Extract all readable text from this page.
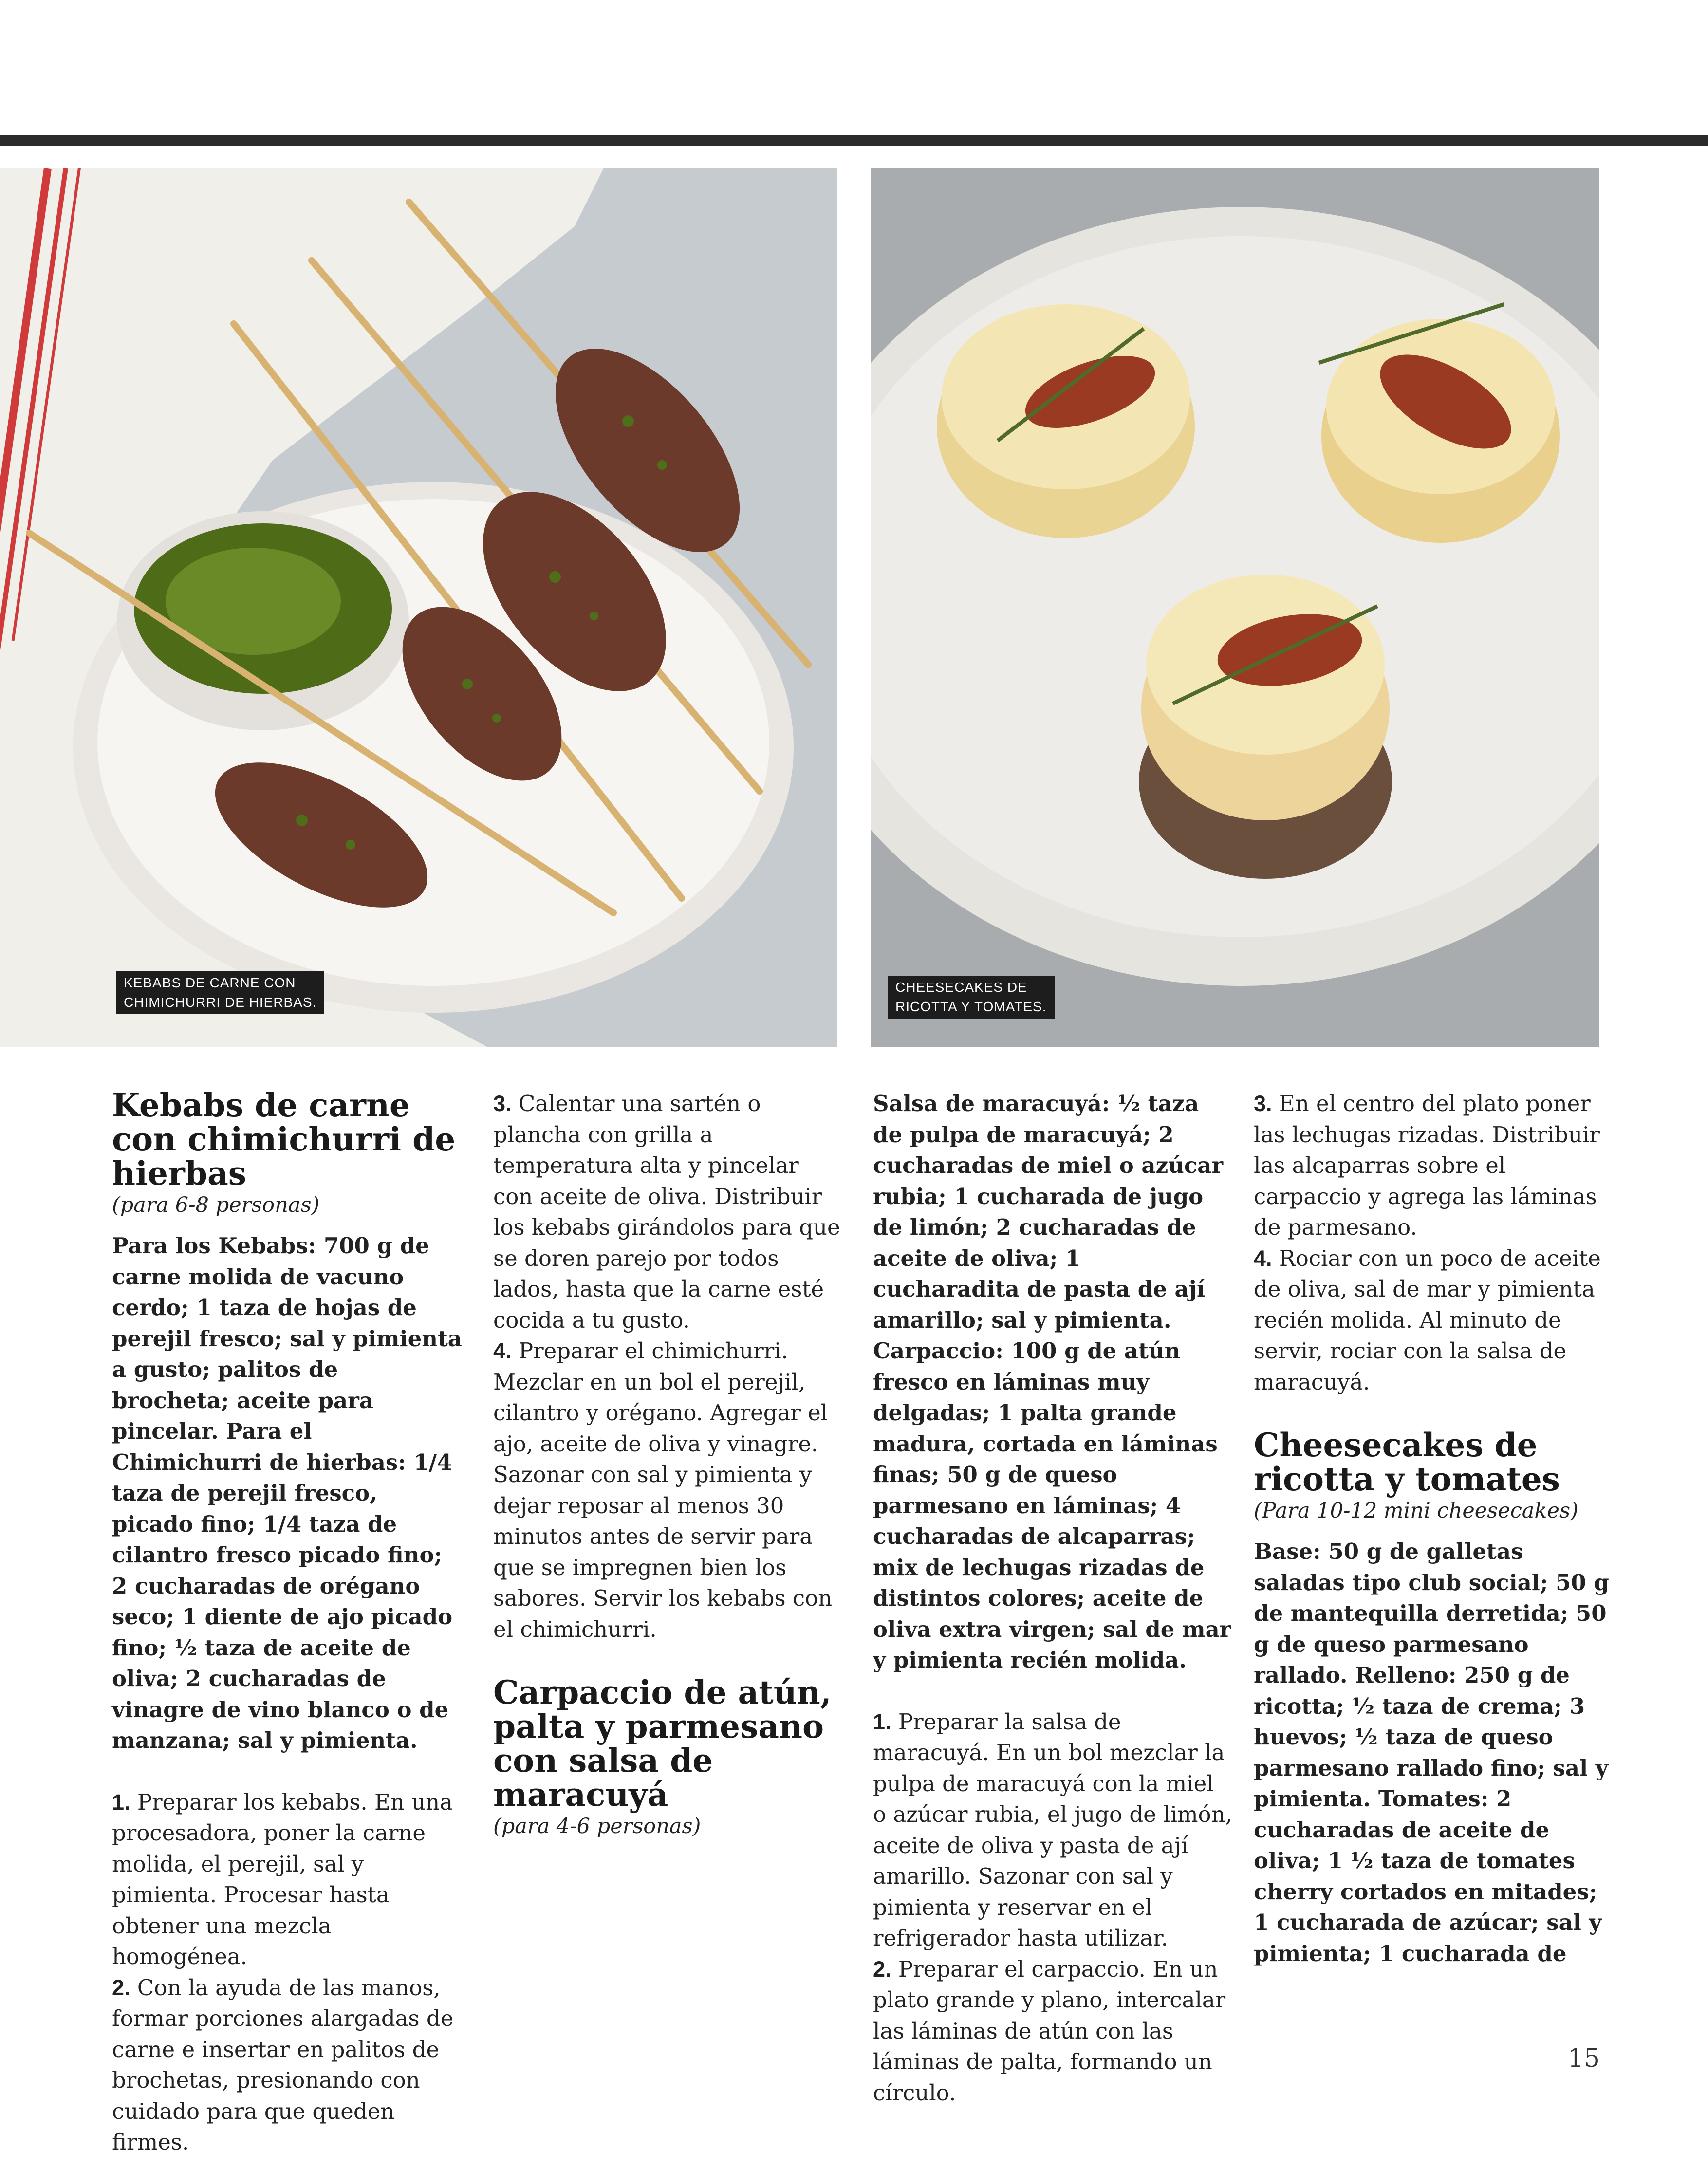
KEBABS DE CARNE CON
CHIMICHURRI DE HIERBAS.
CHEESECAKES DE
RICOTTA Y TOMATES.
Kebabs de carne con chimichurri de hierbas

(para 6-8 personas)

Para los Kebabs: 700 g de carne molida de vacuno cerdo; 1 taza de hojas de perejil fresco; sal y pimienta a gusto; palitos de brocheta; aceite para pincelar. Para el Chimichurri de hierbas: 1/4 taza de perejil fresco, picado fino; 1/4 taza de cilantro fresco picado fino; 2 cucharadas de orégano seco; 1 diente de ajo picado fino; ½ taza de aceite de oliva; 2 cucharadas de vinagre de vino blanco o de manzana; sal y pimienta.

1. Preparar los kebabs. En una procesadora, poner la carne molida, el perejil, sal y pimienta. Procesar hasta obtener una mezcla homogénea.

2. Con la ayuda de las manos, formar porciones alargadas de carne e insertar en palitos de brochetas, presionando con cuidado para que queden firmes.

3. Calentar una sartén o plancha con grilla a temperatura alta y pincelar con aceite de oliva. Distribuir los kebabs girándolos para que se doren parejo por todos lados, hasta que la carne esté cocida a tu gusto.

4. Preparar el chimichurri. Mezclar en un bol el perejil, cilantro y orégano. Agregar el ajo, aceite de oliva y vinagre. Sazonar con sal y pimienta y dejar reposar al menos 30 minutos antes de servir para que se impregnen bien los sabores. Servir los kebabs con el chimichurri.

Carpaccio de atún, palta y parmesano con salsa de maracuyá

(para 4-6 personas)

Salsa de maracuyá: ½ taza de pulpa de maracuyá; 2 cucharadas de miel o azúcar rubia; 1 cucharada de jugo de limón; 2 cucharadas de aceite de oliva; 1 cucharadita de pasta de ají amarillo; sal y pimienta. Carpaccio: 100 g de atún fresco en láminas muy delgadas; 1 palta grande madura, cortada en láminas finas; 50 g de queso parmesano en láminas; 4 cucharadas de alcaparras; mix de lechugas rizadas de distintos colores; aceite de oliva extra virgen; sal de mar y pimienta recién molida.

1. Preparar la salsa de maracuyá. En un bol mezclar la pulpa de maracuyá con la miel o azúcar rubia, el jugo de limón, aceite de oliva y pasta de ají amarillo. Sazonar con sal y pimienta y reservar en el refrigerador hasta utilizar.

2. Preparar el carpaccio. En un plato grande y plano, intercalar las láminas de atún con las láminas de palta, formando un círculo.

3. En el centro del plato poner las lechugas rizadas. Distribuir las alcaparras sobre el carpaccio y agrega las láminas de parmesano.

4. Rociar con un poco de aceite de oliva, sal de mar y pimienta recién molida. Al minuto de servir, rociar con la salsa de maracuyá.

Cheesecakes de ricotta y tomates

(Para 10-12 mini cheesecakes)

Base: 50 g de galletas saladas tipo club social; 50 g de mantequilla derretida; 50 g de queso parmesano rallado. Relleno: 250 g de ricotta; ½ taza de crema; 3 huevos; ½ taza de queso parmesano rallado fino; sal y pimienta. Tomates: 2 cucharadas de aceite de oliva; 1 ½ taza de tomates cherry cortados en mitades; 1 cucharada de azúcar; sal y pimienta; 1 cucharada de

15
